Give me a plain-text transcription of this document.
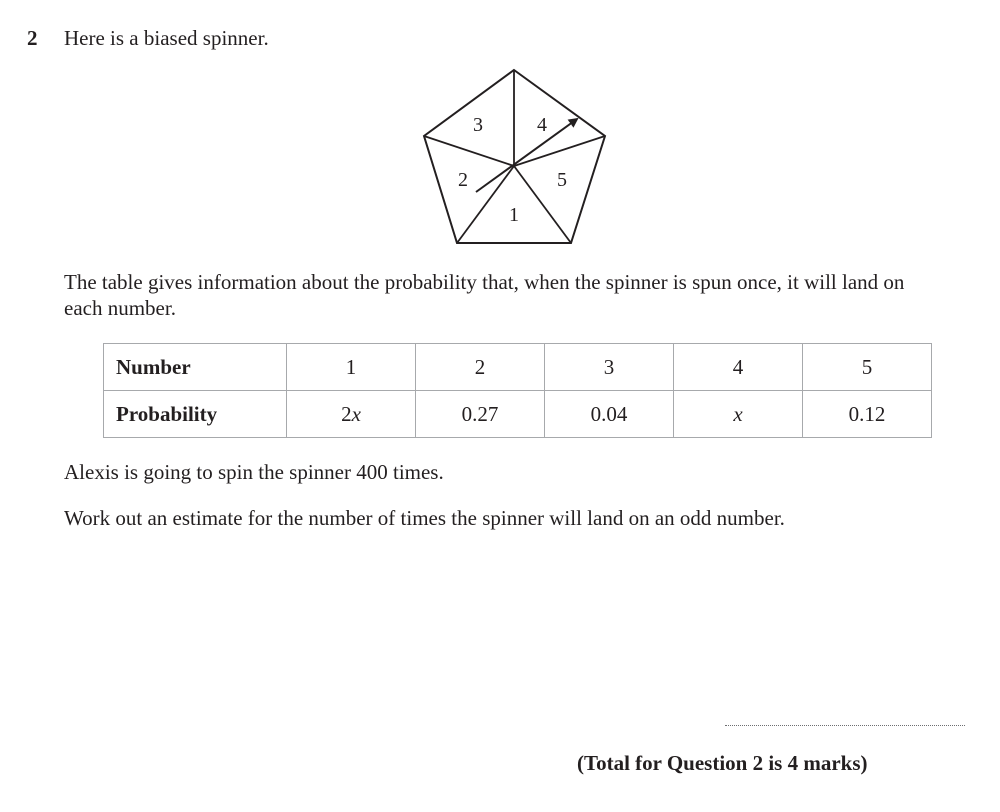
2 Here is a biased spinner.
3	4
2	5
1
The table gives information about the probability that, when the spinner is spun once, it will land on each number.
Number	1	2	3	4	5
Probability	2x	0.27	0.04	x	0.12
Alexis is going to spin the spinner 400 times.
Work out an estimate for the number of times the spinner will land on an odd number.
(Total for Question 2 is 4 marks)
